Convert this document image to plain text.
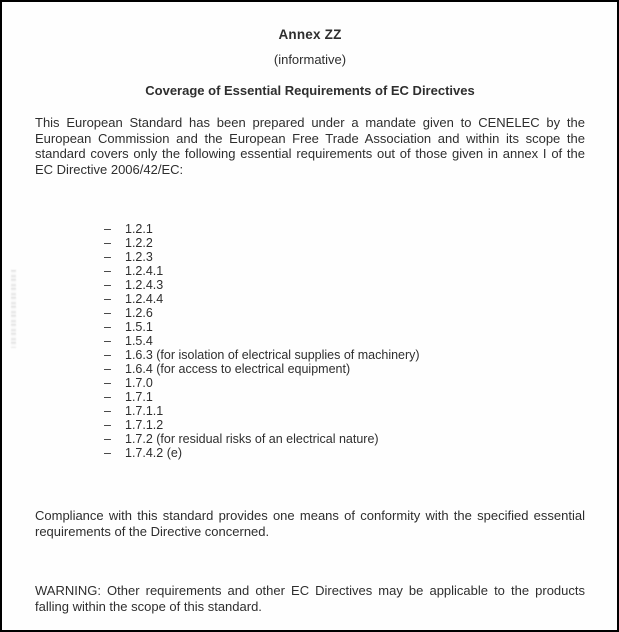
Annex ZZ
(informative)
Coverage of Essential Requirements of EC Directives
This European Standard has been prepared under a mandate given to CENELEC by the European Commission and the European Free Trade Association and within its scope the standard covers only the following essential requirements out of those given in annex I of the EC Directive 2006/42/EC:
–	1.2.1
–	1.2.2
–	1.2.3
–	1.2.4.1
–	1.2.4.3
–	1.2.4.4
–	1.2.6
–	1.5.1
–	1.5.4
–	1.6.3 (for isolation of electrical supplies of machinery)
–	1.6.4 (for access to electrical equipment)
–	1.7.0
–	1.7.1
–	1.7.1.1
–	1.7.1.2
–	1.7.2 (for residual risks of an electrical nature)
–	1.7.4.2 (e)
Compliance with this standard provides one means of conformity with the specified essential requirements of the Directive concerned.
WARNING: Other requirements and other EC Directives may be applicable to the products falling within the scope of this standard.
